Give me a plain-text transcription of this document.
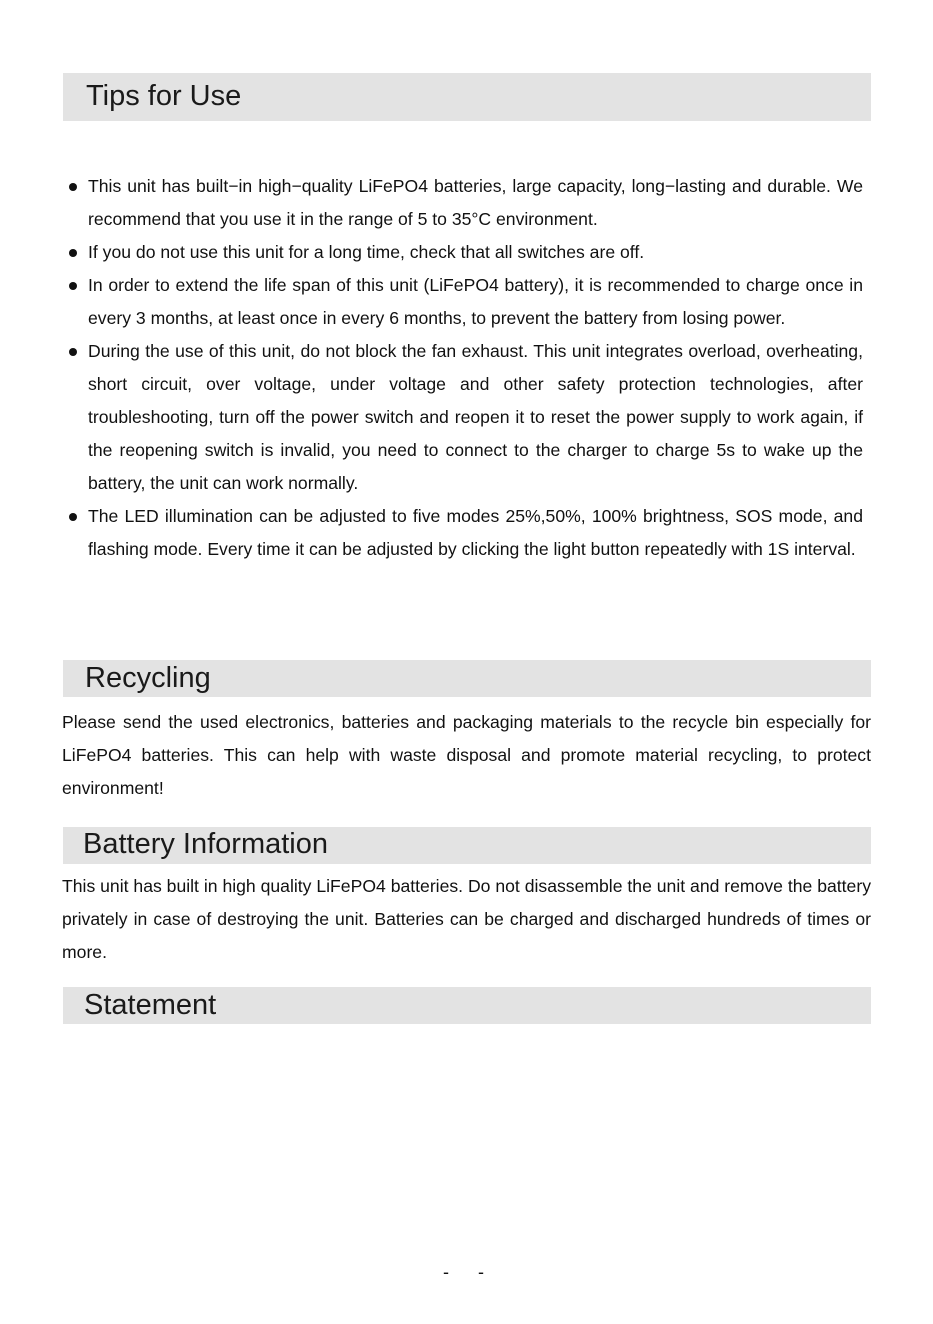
Tips for Use
This unit has built−in high−quality LiFePO4 batteries, large capacity, long−lasting and durable. We recommend that you use it in the range of 5 to 35°C environment.
If you do not use this unit for a long time, check that all switches are off.
In order to extend the life span of this unit (LiFePO4 battery), it is recommended to charge once in every 3 months, at least once in every 6 months, to prevent the battery from losing power.
During the use of this unit, do not block the fan exhaust. This unit integrates overload, overheating, short circuit, over voltage, under voltage and other safety protection technologies, after troubleshooting, turn off the power switch and reopen it to reset the power supply to work again, if the reopening switch is invalid, you need to connect to the charger to charge 5s to wake up the battery, the unit can work normally.
The LED illumination can be adjusted to five modes 25%,50%, 100% brightness, SOS mode, and flashing mode. Every time it can be adjusted by clicking the light button repeatedly with 1S interval.
Recycling

Please send the used electronics, batteries and packaging materials to the recycle bin especially for LiFePO4 batteries. This can help with waste disposal and promote material recycling, to protect environment!

Battery Information

This unit has built in high quality LiFePO4 batteries. Do not disassemble the unit and remove the battery privately in case of destroying the unit. Batteries can be charged and discharged hundreds of times or more.

Statement
- -
